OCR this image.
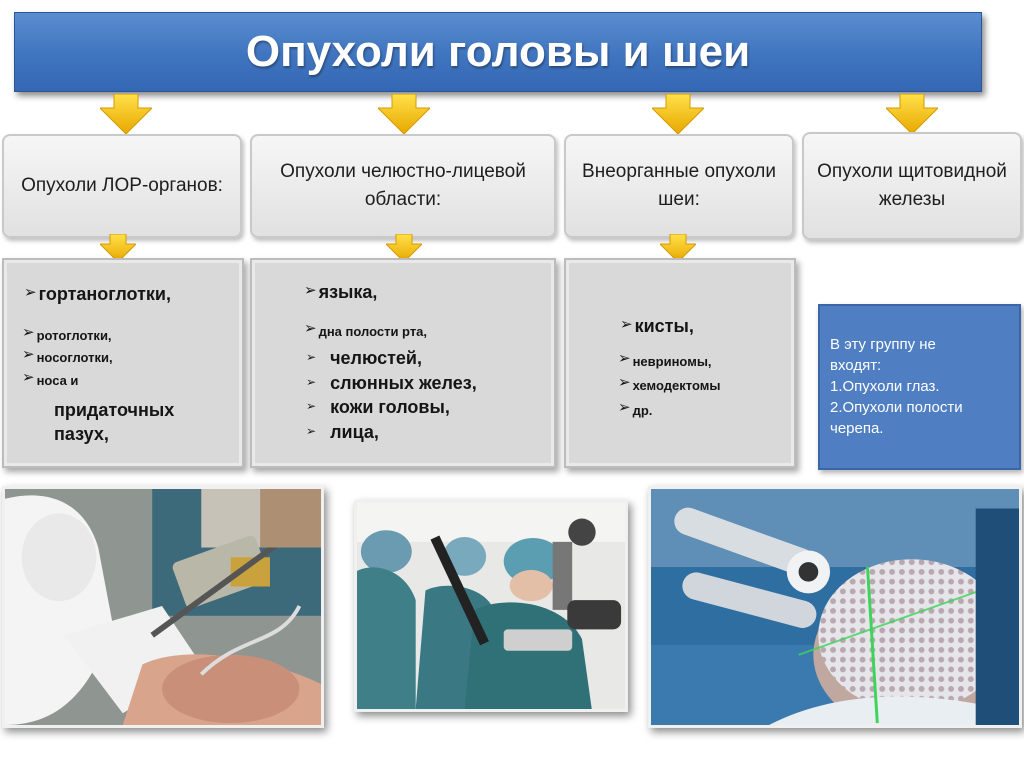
Опухоли головы и шеи
Опухоли ЛОР-органов:
Опухоли челюстно-лицевой области:
Внеорганные опухоли шеи:
Опухоли щитовидной железы
➢ гортаноглотки,
➢ ротоглотки,
➢ носоглотки,
➢ носа и
придаточных
пазух,
➢ языка,
➢ дна полости рта,
➢ челюстей,
➢ слюнных желез,
➢ кожи головы,
➢ лица,
➢ кисты,
➢ невриномы,
➢ хемодектомы
➢ др.
В эту группу не
входят:
1.Опухоли глаз.
2.Опухоли полости
черепа.
